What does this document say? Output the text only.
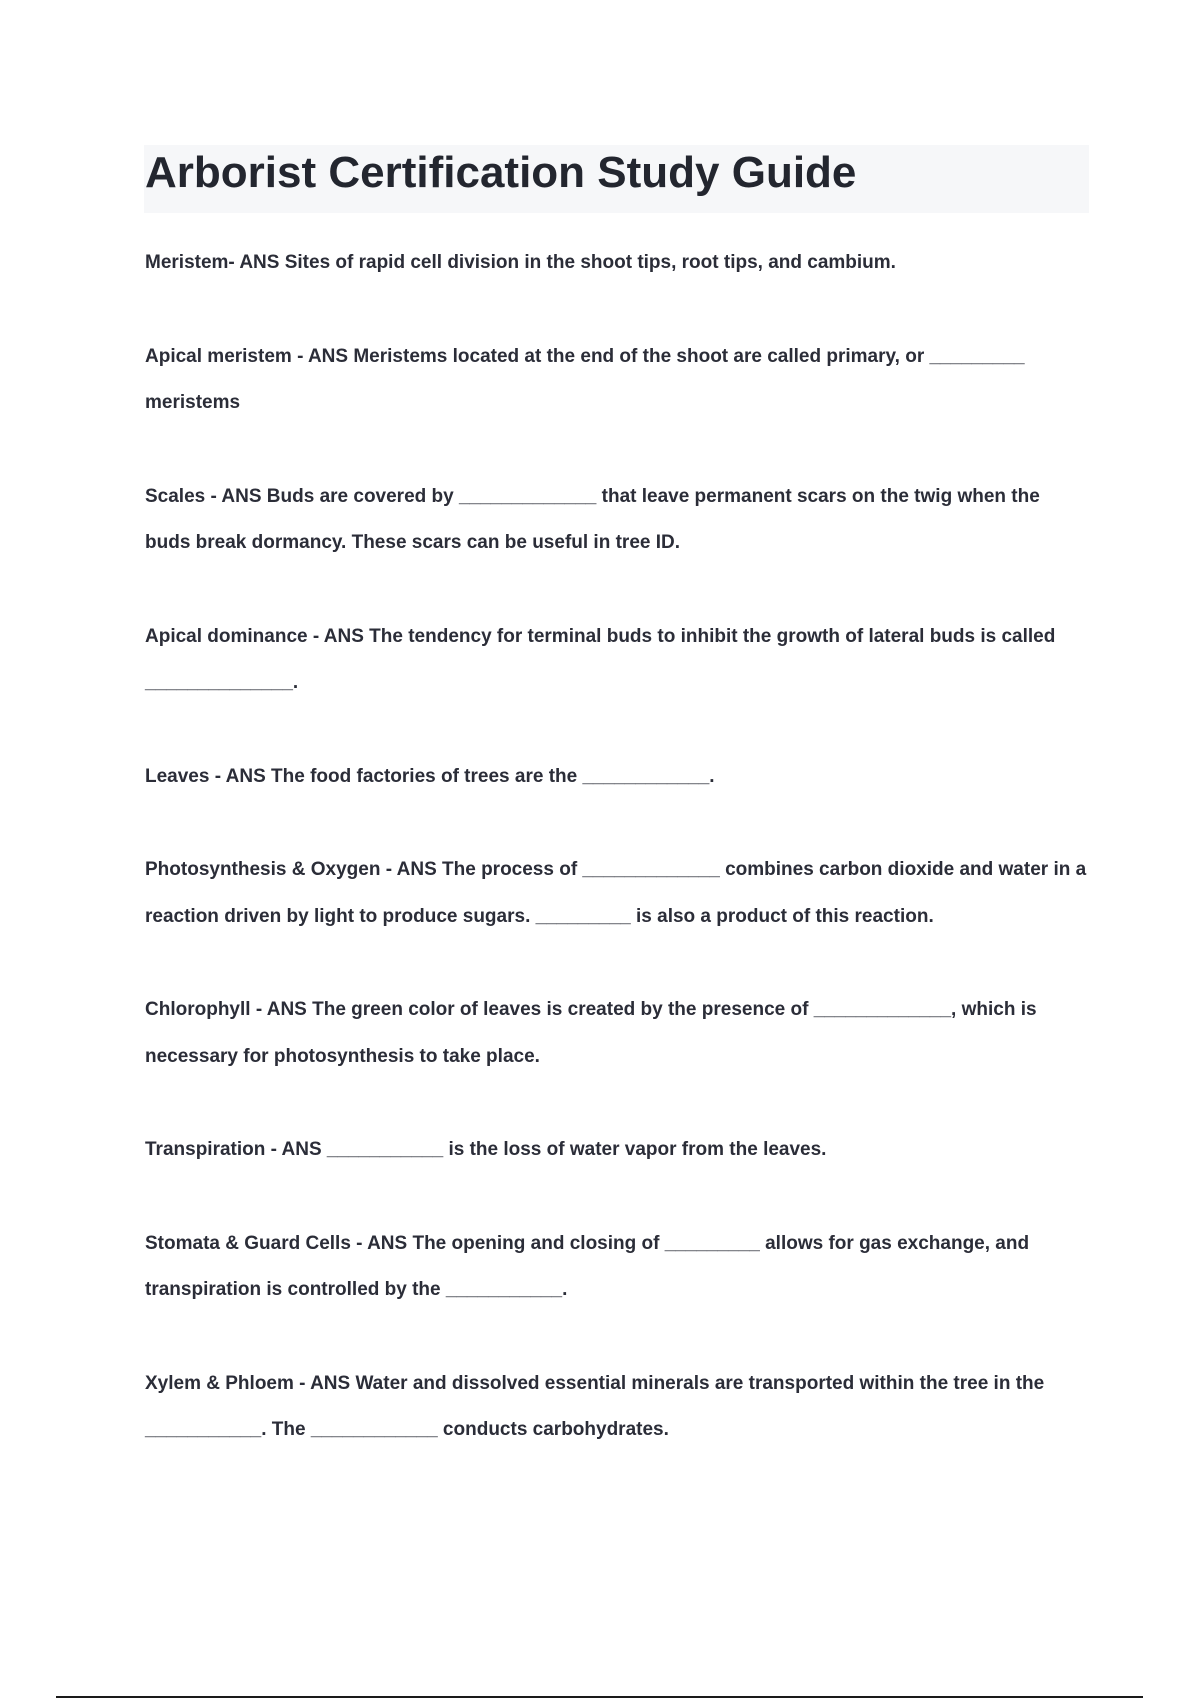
Arborist Certification Study Guide

Meristem- ANS Sites of rapid cell division in the shoot tips, root tips, and cambium.

Apical meristem - ANS Meristems located at the end of the shoot are called primary, or _________ meristems

Scales - ANS Buds are covered by _____________ that leave permanent scars on the twig when the buds break dormancy. These scars can be useful in tree ID.

Apical dominance - ANS The tendency for terminal buds to inhibit the growth of lateral buds is called ______________.

Leaves - ANS The food factories of trees are the ____________.

Photosynthesis & Oxygen - ANS The process of _____________ combines carbon dioxide and water in a reaction driven by light to produce sugars. _________ is also a product of this reaction.

Chlorophyll - ANS The green color of leaves is created by the presence of _____________, which is necessary for photosynthesis to take place.

Transpiration - ANS ___________ is the loss of water vapor from the leaves.

Stomata & Guard Cells - ANS The opening and closing of _________ allows for gas exchange, and transpiration is controlled by the ___________.

Xylem & Phloem - ANS Water and dissolved essential minerals are transported within the tree in the ___________. The ____________ conducts carbohydrates.
